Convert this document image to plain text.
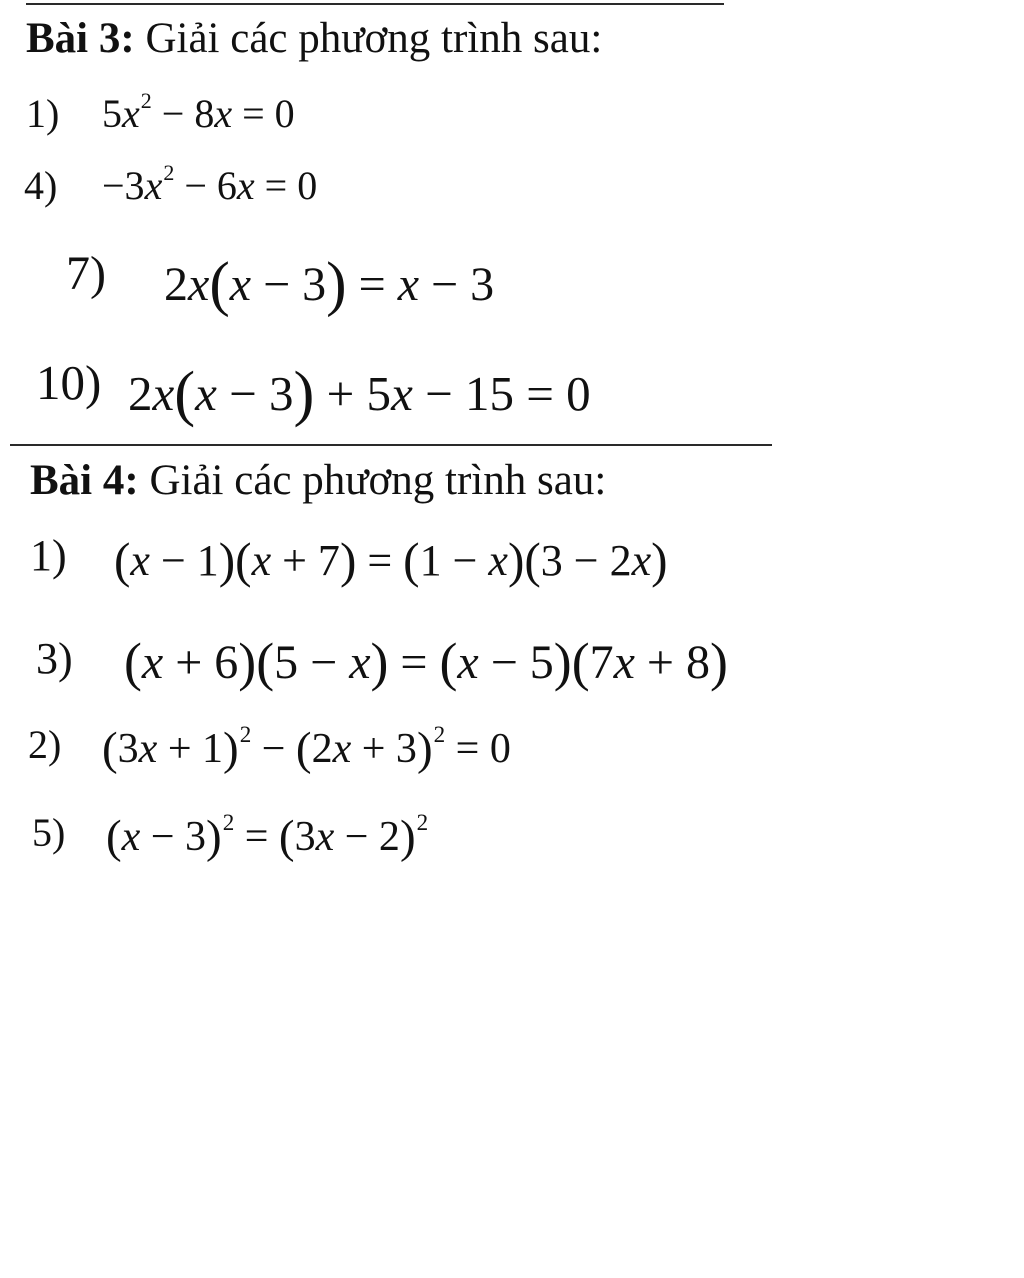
Bài 3: Giải các phương trình sau:
1) $5x^2 - 8x = 0$
$4) -3x^2 - 6x = 0$
7) 2x(x − 3) = x − 3
10) 2x(x − 3) + 5x − 15 = 0
Bài 4: Giải các phương trình sau:
1) (x − 1)(x + 7) = (1 − x)(3 − 2x)
3) (x + 6)(5 − x) = (x − 5)(7x + 8)
2) $(3x + 1)^2 - (2x + 3)^2 = 0$
5) $(x - 3)^2 = (3x - 2)^2$
